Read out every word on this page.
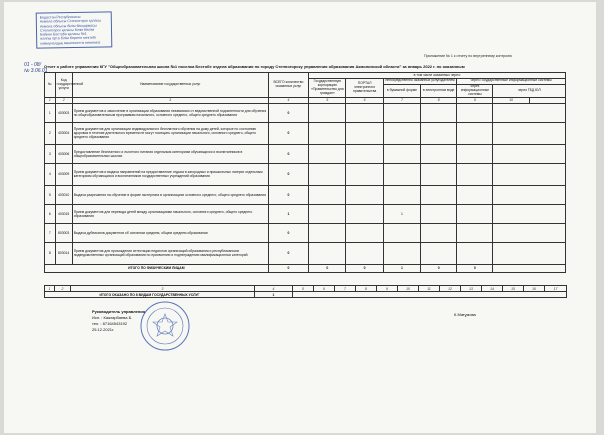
Бедастан Республикасы
Акмола облысы Степногорск қаласы
Акмола облысы білім басқармасы
Степногорск қаласы білім бөлімі
Байкен Бастаба қаласы №1
жалпы орта білім беретін мектебі
коммуналдық мемлекеттік мекемесі
01 - 08/
№ 3.06.01
Приложение № 1 к отчету по внутреннему контролю
Отчет о работе управления КГУ "Общеобразовательная школа №1 поселка Бестобе отдела образования по городу Степногорску управления образования Акмолинской области" за январь 2022 г. по оказанным
№	Код государственной услуги	Наименование государственных услуг	ВСЕГО количество оказанных услуг	в том числе оказанных через:						
				Государственную корпорацию «Правительство для граждан»	ПОРТАЛ электронного правительства	непосредственно оказанных услугодателем		через Государственные информационные системы		
						в бумажной форме	в электронном виде	через информационные системы	через ГБД ЮЛ	
1	2	3	4	5	6	7	8	9	10	
1	403003	Прием документов и зачисление в организации образования независимо от ведомственной подчиненности для обучения по общеобразовательным программам начального, основного среднего, общего среднего образования	0							
2	403004	Прием документов для организации индивидуального бесплатного обучения на дому детей, которые по состоянию здоровья в течение длительного времени не могут посещать организации начального, основного среднего, общего среднего образования	0							
3	403006	Предоставление бесплатного и льготного питания отдельным категориям обучающихся и воспитанников в общеобразовательных школах	0							
4	403009	Прием документов и выдача направлений на предоставление отдыха в загородных и пришкольных лагерях отдельным категориям обучающихся и воспитанников государственных учреждений образования	0							
5	403010	Выдача разрешения на обучение в форме экстерната в организациях основного среднего, общего среднего образования	0							
6	403015	Прием документов для перевода детей между организациями начального, основного среднего, общего среднего образования	1			1				
7	803003	Выдача дубликатов документов об основном среднем, общем среднем образовании	0							
8	803014	Прием документов для прохождения аттестации педагогов организаций образования и республиканских подведомственных организаций образования по присвоению и подтверждению квалификационных категорий	0							
ИТОГО ПО ФИЗИЧЕСКИМ ЛИЦАМ			0	0	0	1	0	0		
1	2	3	4	5	6	7	8	9	10	11	12	13	14	15	16	17
ИТОГО ОКАЗАНО ПО 8 ВИДАМ ГОСУДАРСТВЕННЫХ УСЛУГ			1													
Руководитель управления
Исп. : Кажгарбаева Б.
тел. : 87164543192
25.12.2021г.
К.Мағұмова
